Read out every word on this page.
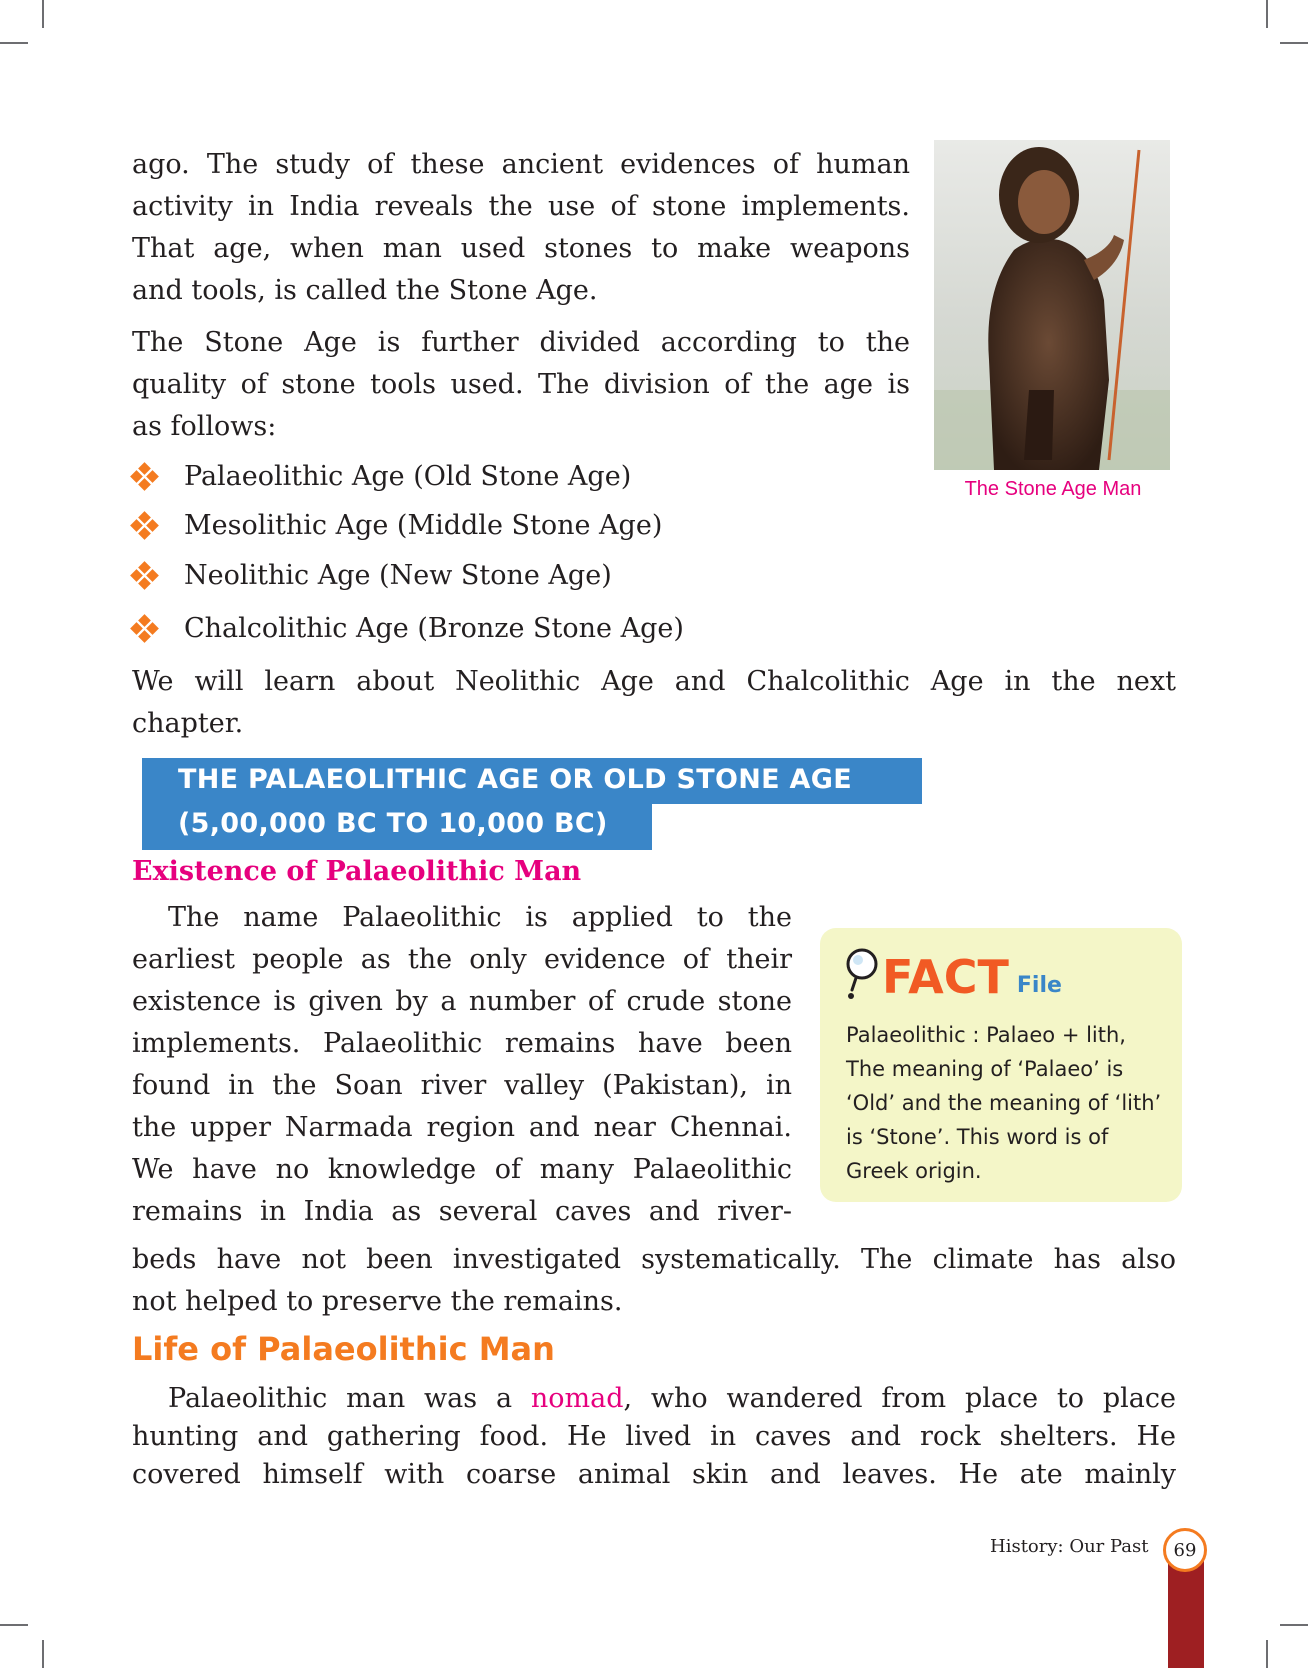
ago. The study of these ancient evidences of human
activity in India reveals the use of stone implements.
That age, when man used stones to make weapons
and tools, is called the Stone Age.
The Stone Age is further divided according to the
quality of stone tools used. The division of the age is
as follows:
The Stone Age Man
Palaeolithic Age (Old Stone Age)
Mesolithic Age (Middle Stone Age)
Neolithic Age (New Stone Age)
Chalcolithic Age (Bronze Stone Age)
We will learn about Neolithic Age and Chalcolithic Age in the next
chapter.
THE PALAEOLITHIC AGE OR OLD STONE AGE
(5,00,000 BC TO 10,000 BC)
Existence of Palaeolithic Man
The name Palaeolithic is applied to the
earliest people as the only evidence of their
existence is given by a number of crude stone
implements. Palaeolithic remains have been
found in the Soan river valley (Pakistan), in
the upper Narmada region and near Chennai.
We have no knowledge of many Palaeolithic
remains in India as several caves and river-
beds have not been investigated systematically. The climate has also
not helped to preserve the remains.
FACT File
Palaeolithic : Palaeo + lith,
The meaning of ‘Palaeo’ is
‘Old’ and the meaning of ‘lith’
is ‘Stone’. This word is of
Greek origin.
Life of Palaeolithic Man
Palaeolithic man was a nomad, who wandered from place to place
hunting and gathering food. He lived in caves and rock shelters. He
covered himself with coarse animal skin and leaves. He ate mainly
History: Our Past 69
